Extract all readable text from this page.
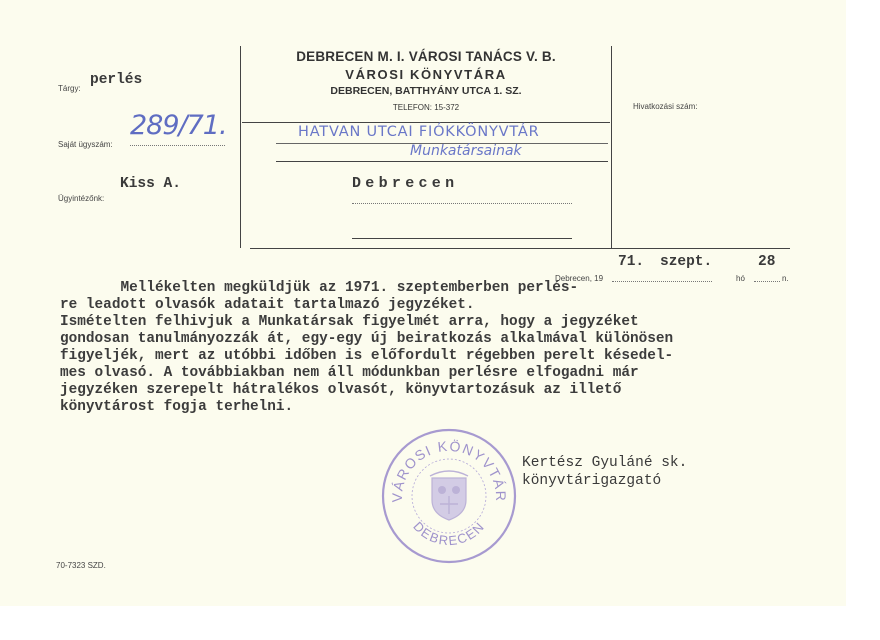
DEBRECEN M. I. VÁROSI TANÁCS V. B.
VÁROSI KÖNYVTÁRA
DEBRECEN, BATTHYÁNY UTCA 1. SZ.
TELEFON: 15-372
Tárgy:
perlés
Saját ügyszám:
289/71.
Ügyintézőnk:
Kiss A.
Hivatkozási szám:
HATVAN UTCAI FIÓKKÖNYVTÁR
Munkatársainak
Debrecen
Debrecen, 19
71. szept.
hó
28
n.
Mellékelten megküldjük az 1971. szeptemberben perlés-
re leadott olvasók adatait tartalmazó jegyzéket.
Ismételten felhivjuk a Munkatársak figyelmét arra, hogy a jegyzéket
gondosan tanulmányozzák át, egy-egy új beiratkozás alkalmával különösen
figyeljék, mert az utóbbi időben is előfordult régebben perelt késedel-
mes olvasó. A továbbiakban nem áll módunkban perlésre elfogadni már
jegyzéken szerepelt hátralékos olvasót, könyvtartozásuk az illető
könyvtárost fogja terhelni.
VÁROSI KÖNYVTÁR
DEBRECEN
Kertész Gyuláné sk.
könyvtárigazgató
70-7323 SZD.
